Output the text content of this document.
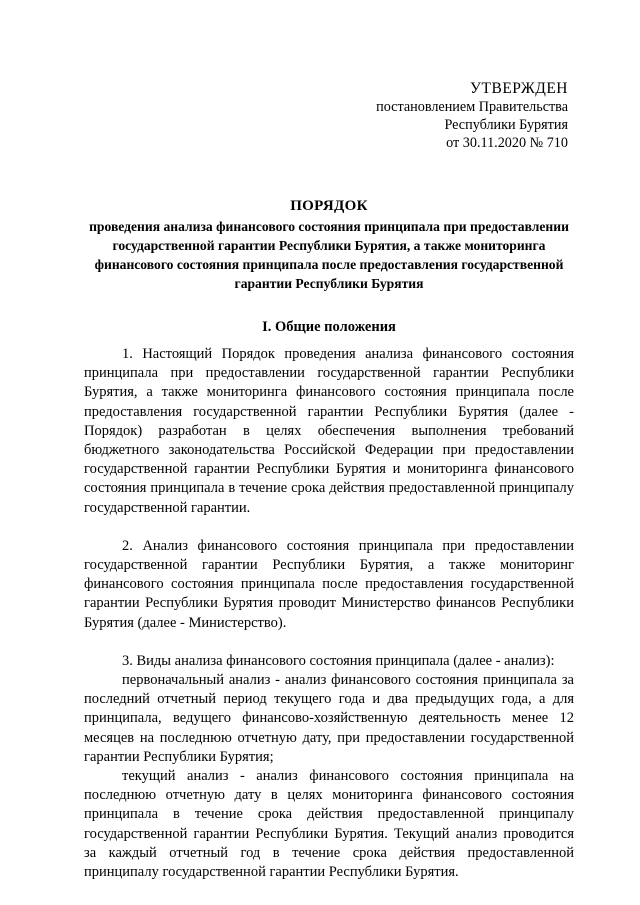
УТВЕРЖДЕН
постановлением Правительства
Республики Бурятия
от 30.11.2020 № 710
ПОРЯДОК
проведения анализа финансового состояния принципала при предоставлении государственной гарантии Республики Бурятия, а также мониторинга финансового состояния принципала после предоставления государственной гарантии Республики Бурятия
I. Общие положения

1. Настоящий Порядок проведения анализа финансового состояния принципала при предоставлении государственной гарантии Республики Бурятия, а также мониторинга финансового состояния принципала после предоставления государственной гарантии Республики Бурятия (далее - Порядок) разработан в целях обеспечения выполнения требований бюджетного законодательства Российской Федерации при предоставлении государственной гарантии Республики Бурятия и мониторинга финансового состояния принципала в течение срока действия предоставленной принципалу государственной гарантии.

2. Анализ финансового состояния принципала при предоставлении государственной гарантии Республики Бурятия, а также мониторинг финансового состояния принципала после предоставления государственной гарантии Республики Бурятия проводит Министерство финансов Республики Бурятия (далее - Министерство).

3. Виды анализа финансового состояния принципала (далее - анализ):

первоначальный анализ - анализ финансового состояния принципала за последний отчетный период текущего года и два предыдущих года, а для принципала, ведущего финансово-хозяйственную деятельность менее 12 месяцев на последнюю отчетную дату, при предоставлении государственной гарантии Республики Бурятия;

текущий анализ - анализ финансового состояния принципала на последнюю отчетную дату в целях мониторинга финансового состояния принципала в течение срока действия предоставленной принципалу государственной гарантии Республики Бурятия. Текущий анализ проводится за каждый отчетный год в течение срока действия предоставленной принципалу государственной гарантии Республики Бурятия.
